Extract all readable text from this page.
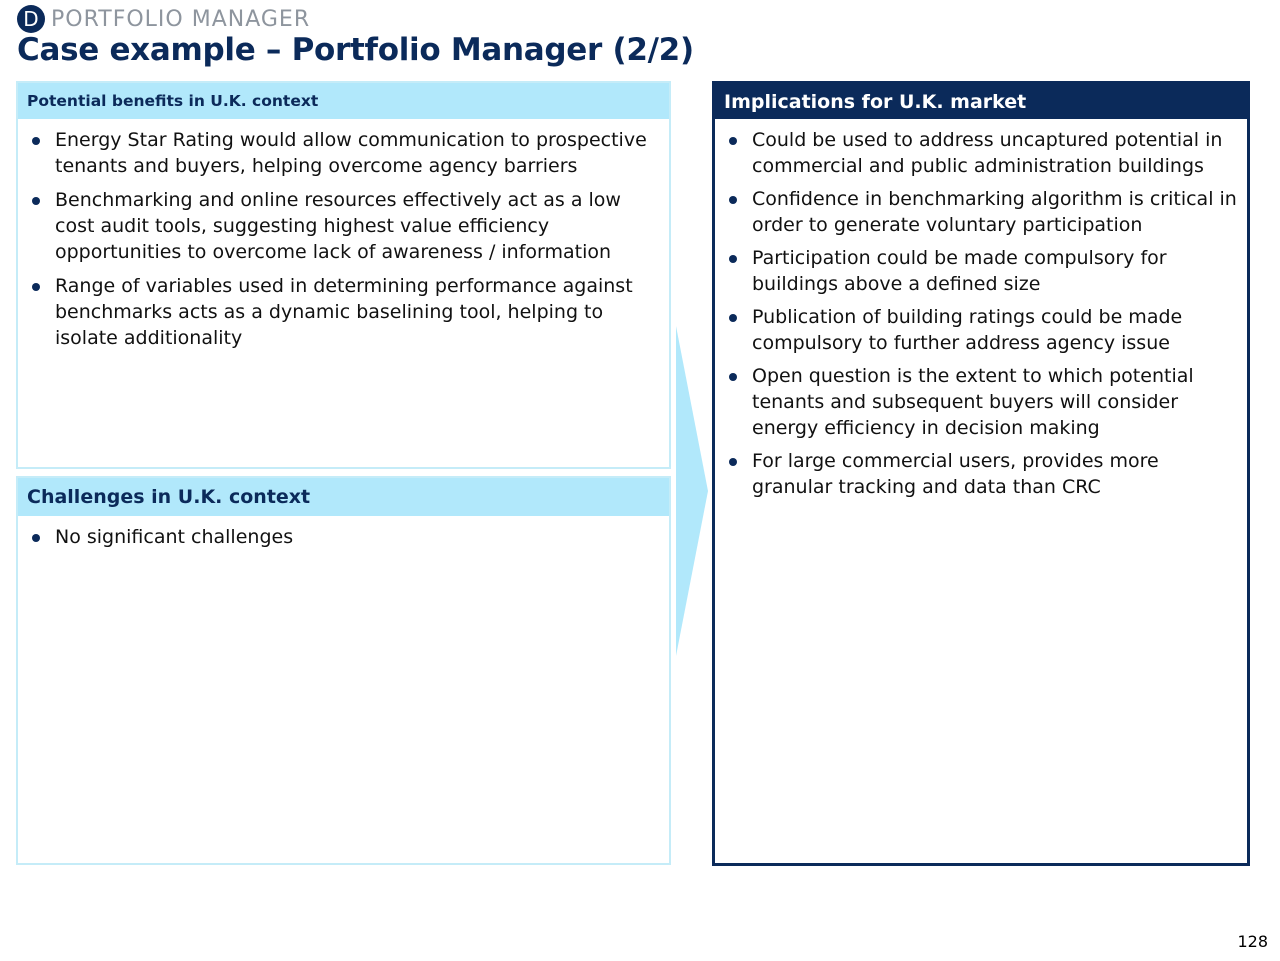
D PORTFOLIO MANAGER
Case example – Portfolio Manager (2/2)
Potential benefits in U.K. context
Energy Star Rating would allow communication to prospective tenants and buyers, helping overcome agency barriers
Benchmarking and online resources effectively act as a low cost audit tools, suggesting highest value efficiency opportunities to overcome lack of awareness / information
Range of variables used in determining performance against benchmarks acts as a dynamic baselining tool, helping to isolate additionality
Challenges in U.K. context
No significant challenges
Implications for U.K. market
Could be used to address uncaptured potential in commercial and public administration buildings
Confidence in benchmarking algorithm is critical in order to generate voluntary participation
Participation could be made compulsory for buildings above a defined size
Publication of building ratings could be made compulsory to further address agency issue
Open question is the extent to which potential tenants and subsequent buyers will consider energy efficiency in decision making
For large commercial users, provides more granular tracking and data than CRC
128
